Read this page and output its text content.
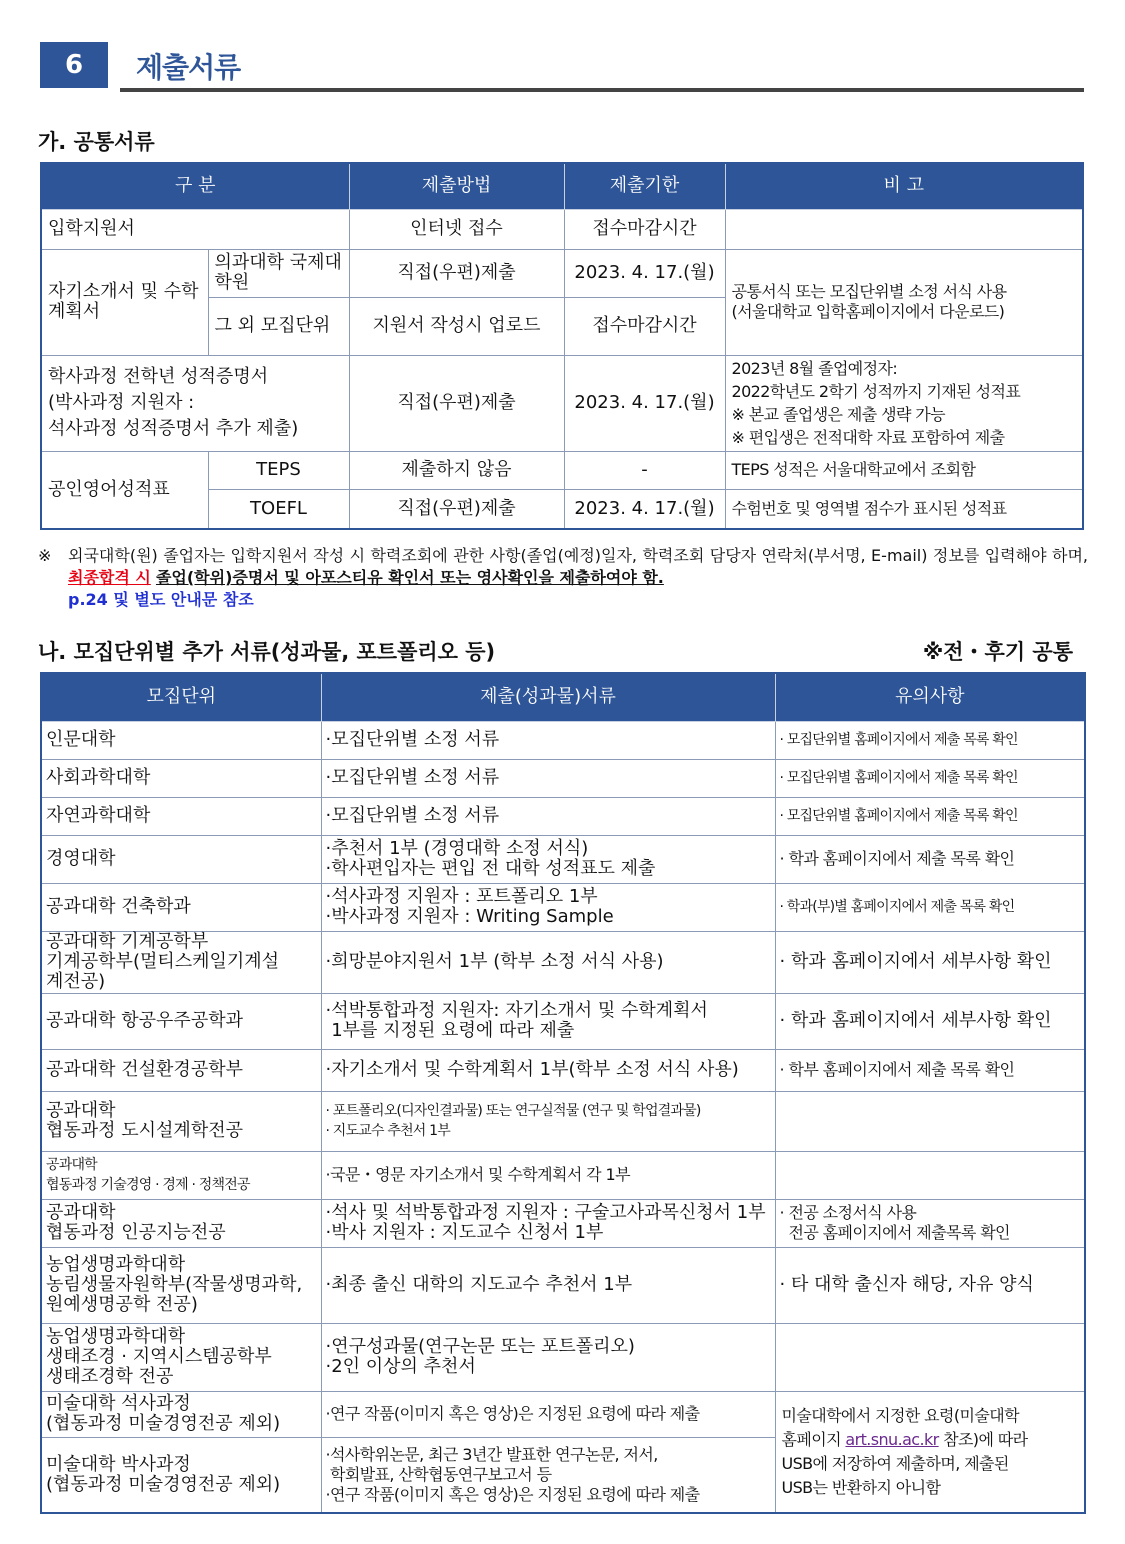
6	제출서류
가. 공통서류
구 분		제출방법	제출기한	비 고
입학지원서		인터넷 접수	접수마감시간	
자기소개서 및 수학계획서	의과대학 국제대학원	직접(우편)제출	2023. 4. 17.(월)	공통서식 또는 모집단위별 소정 서식 사용
(서울대학교 입학홈페이지에서 다운로드)

	그 외 모집단위	지원서 작성시 업로드	접수마감시간	

학사과정 전학년 성적증명서
(박사과정 지원자 :
석사과정 성적증명서 추가 제출)		직접(우편)제출	2023. 4. 17.(월)	2023년 8월 졸업예정자:
2022학년도 2학기 성적까지 기재된 성적표
※ 본교 졸업생은 제출 생략 가능
※ 편입생은 전적대학 자료 포함하여 제출

공인영어성적표	TEPS	제출하지 않음	-	TEPS 성적은 서울대학교에서 조회함
	TOEFL	직접(우편)제출	2023. 4. 17.(월)	수험번호 및 영역별 점수가 표시된 성적표
※	외국대학(원) 졸업자는 입학지원서 작성 시 학력조회에 관한 사항(졸업(예정)일자, 학력조회 담당자 연락처(부서명, E-mail) 정보를 입력해야 하며, 최종합격 시 졸업(학위)증명서 및 아포스티유 확인서 또는 영사확인을 제출하여야 함.
p.24 및 별도 안내문 참조
나. 모집단위별 추가 서류(성과물, 포트폴리오 등)	※전・후기 공통
모집단위	제출(성과물)서류	유의사항

인문대학	·모집단위별 소정 서류	· 모집단위별 홈페이지에서 제출 목록 확인

사회과학대학	·모집단위별 소정 서류	· 모집단위별 홈페이지에서 제출 목록 확인

자연과학대학	·모집단위별 소정 서류	· 모집단위별 홈페이지에서 제출 목록 확인

경영대학	·추천서 1부 (경영대학 소정 서식)
·학사편입자는 편입 전 대학 성적표도 제출	· 학과 홈페이지에서 제출 목록 확인

공과대학 건축학과	·석사과정 지원자 : 포트폴리오 1부
·박사과정 지원자 : Writing Sample	· 학과(부)별 홈페이지에서 제출 목록 확인

공과대학 기계공학부
기계공학부(멀티스케일기계설
계전공)	·희망분야지원서 1부 (학부 소정 서식 사용)	· 학과 홈페이지에서 세부사항 확인

공과대학 항공우주공학과	·석박통합과정 지원자: 자기소개서 및 수학계획서
1부를 지정된 요령에 따라 제출	· 학과 홈페이지에서 세부사항 확인

공과대학 건설환경공학부	·자기소개서 및 수학계획서 1부(학부 소정 서식 사용)	· 학부 홈페이지에서 제출 목록 확인

공과대학
협동과정 도시설계학전공	· 포트폴리오(디자인결과물) 또는 연구실적물 (연구 및 학업결과물)
· 지도교수 추천서 1부	

공과대학
협동과정 기술경영 · 경제 · 정책전공	·국문・영문 자기소개서 및 수학계획서 각 1부	

공과대학
협동과정 인공지능전공	·석사 및 석박통합과정 지원자 : 구술고사과목신청서 1부
·박사 지원자 : 지도교수 신청서 1부	· 전공 소정서식 사용
전공 홈페이지에서 제출목록 확인

농업생명과학대학
농림생물자원학부(작물생명과학,
원예생명공학 전공)	·최종 출신 대학의 지도교수 추천서 1부	· 타 대학 출신자 해당, 자유 양식

농업생명과학대학
생태조경 · 지역시스템공학부
생태조경학 전공	·연구성과물(연구논문 또는 포트폴리오)
·2인 이상의 추천서	

미술대학 석사과정
(협동과정 미술경영전공 제외)	·연구 작품(이미지 혹은 영상)은 지정된 요령에 따라 제출	미술대학에서 지정한 요령(미술대학
홈페이지 art.snu.ac.kr 참조)에 따라
USB에 저장하여 제출하며, 제출된
USB는 반환하지 아니함

미술대학 박사과정
(협동과정 미술경영전공 제외)	·석사학위논문, 최근 3년간 발표한 연구논문, 저서,
학회발표, 산학협동연구보고서 등
·연구 작품(이미지 혹은 영상)은 지정된 요령에 따라 제출	
